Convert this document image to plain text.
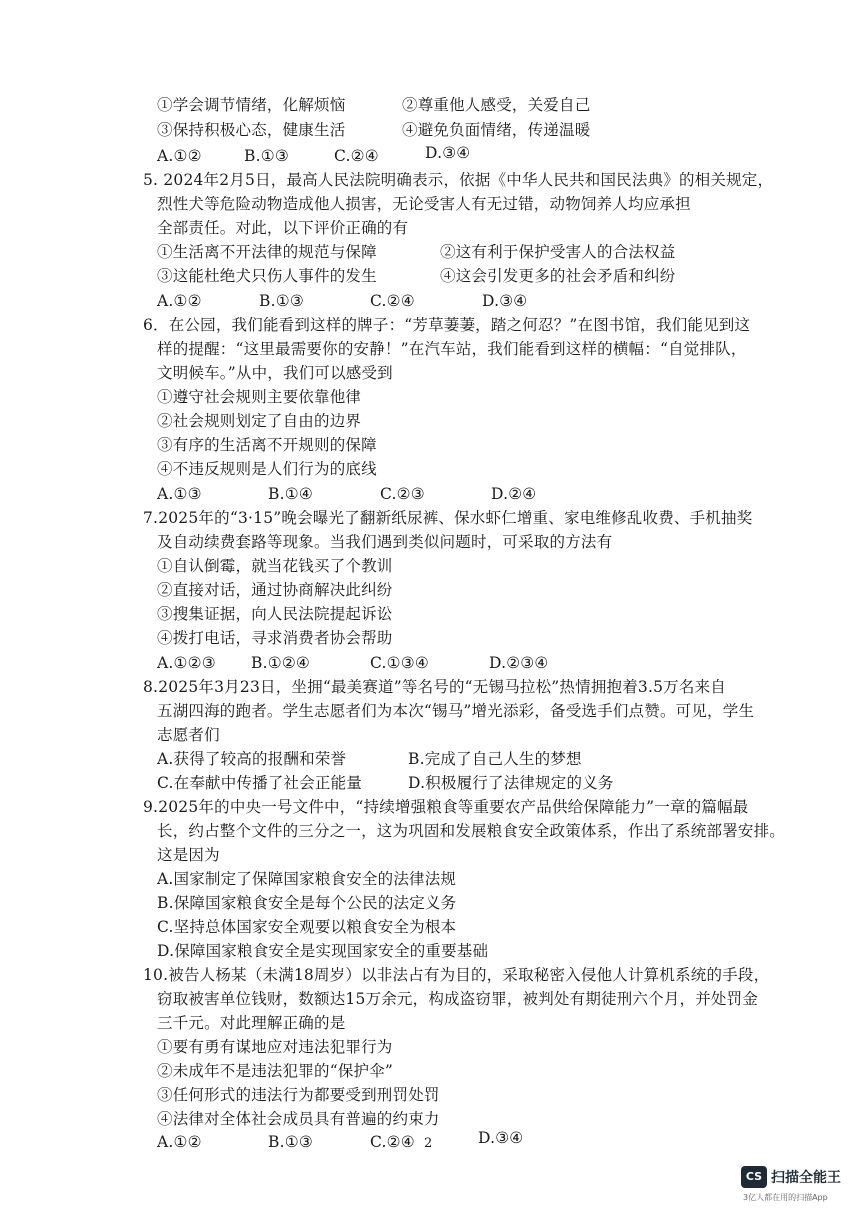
①学会调节情绪，化解烦恼	②尊重他人感受，关爱自己
③保持积极心态，健康生活	④避免负面情绪，传递温暖
A.①②	B.①③	C.②④	D.③④
5. 2024年2月5日，最高人民法院明确表示，依据《中华人民共和国民法典》的相关规定，
烈性犬等危险动物造成他人损害，无论受害人有无过错，动物饲养人均应承担
全部责任。对此，以下评价正确的有
①生活离不开法律的规范与保障	②这有利于保护受害人的合法权益
③这能杜绝犬只伤人事件的发生	④这会引发更多的社会矛盾和纠纷
A.①②	B.①③	C.②④	D.③④
6．在公园，我们能看到这样的牌子：“芳草萋萋，踏之何忍？”在图书馆，我们能见到这
样的提醒：“这里最需要你的安静！”在汽车站，我们能看到这样的横幅：“自觉排队，
文明候车。”从中，我们可以感受到
①遵守社会规则主要依靠他律
②社会规则划定了自由的边界
③有序的生活离不开规则的保障
④不违反规则是人们行为的底线
A.①③	B.①④	C.②③	D.②④
7.2025年的“3·15”晚会曝光了翻新纸尿裤、保水虾仁增重、家电维修乱收费、手机抽奖
及自动续费套路等现象。当我们遇到类似问题时，可采取的方法有
①自认倒霉，就当花钱买了个教训
②直接对话，通过协商解决此纠纷
③搜集证据，向人民法院提起诉讼
④拨打电话，寻求消费者协会帮助
A.①②③ B.①②④	C.①③④	D.②③④
8.2025年3月23日，坐拥“最美赛道”等名号的“无锡马拉松”热情拥抱着3.5万名来自
五湖四海的跑者。学生志愿者们为本次“锡马”增光添彩，备受选手们点赞。可见，学生
志愿者们
A.获得了较高的报酬和荣誉	B.完成了自己人生的梦想
C.在奉献中传播了社会正能量	D.积极履行了法律规定的义务
9.2025年的中央一号文件中，“持续增强粮食等重要农产品供给保障能力”一章的篇幅最
长，约占整个文件的三分之一，这为巩固和发展粮食安全政策体系，作出了系统部署安排。
这是因为
A.国家制定了保障国家粮食安全的法律法规
B.保障国家粮食安全是每个公民的法定义务
C.坚持总体国家安全观要以粮食安全为根本
D.保障国家粮食安全是实现国家安全的重要基础
10.被告人杨某（未满18周岁）以非法占有为目的，采取秘密入侵他人计算机系统的手段，
窃取被害单位钱财，数额达15万余元，构成盗窃罪，被判处有期徒刑六个月，并处罚金
三千元。对此理解正确的是
①要有勇有谋地应对违法犯罪行为
②未成年不是违法犯罪的“保护伞”
③任何形式的违法行为都要受到刑罚处罚
④法律对全体社会成员具有普遍的约束力
A.①②	B.①③	C.②④	D.③④
2
CS 扫描全能王
3亿人都在用的扫描App
